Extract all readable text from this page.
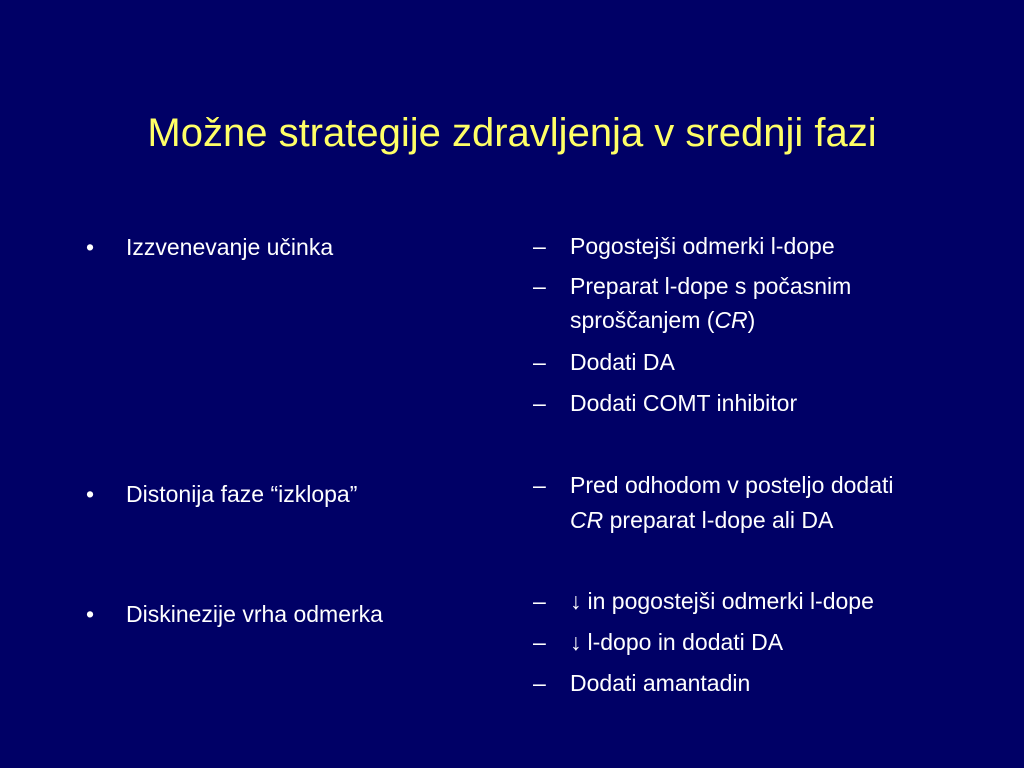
Možne strategije zdravljenja v srednji fazi
•	Izzvenevanje učinka
•	Distonija faze “izklopa”
•	Diskinezije vrha odmerka
–	Pogostejši odmerki l-dope
–	Preparat l-dope s počasnim
sproščanjem (CR)
–	Dodati DA
–	Dodati COMT inhibitor
–	Pred odhodom v posteljo dodati
CR preparat l-dope ali DA
–	↓ in pogostejši odmerki l-dope
–	↓ l-dopo in dodati DA
–	Dodati amantadin
